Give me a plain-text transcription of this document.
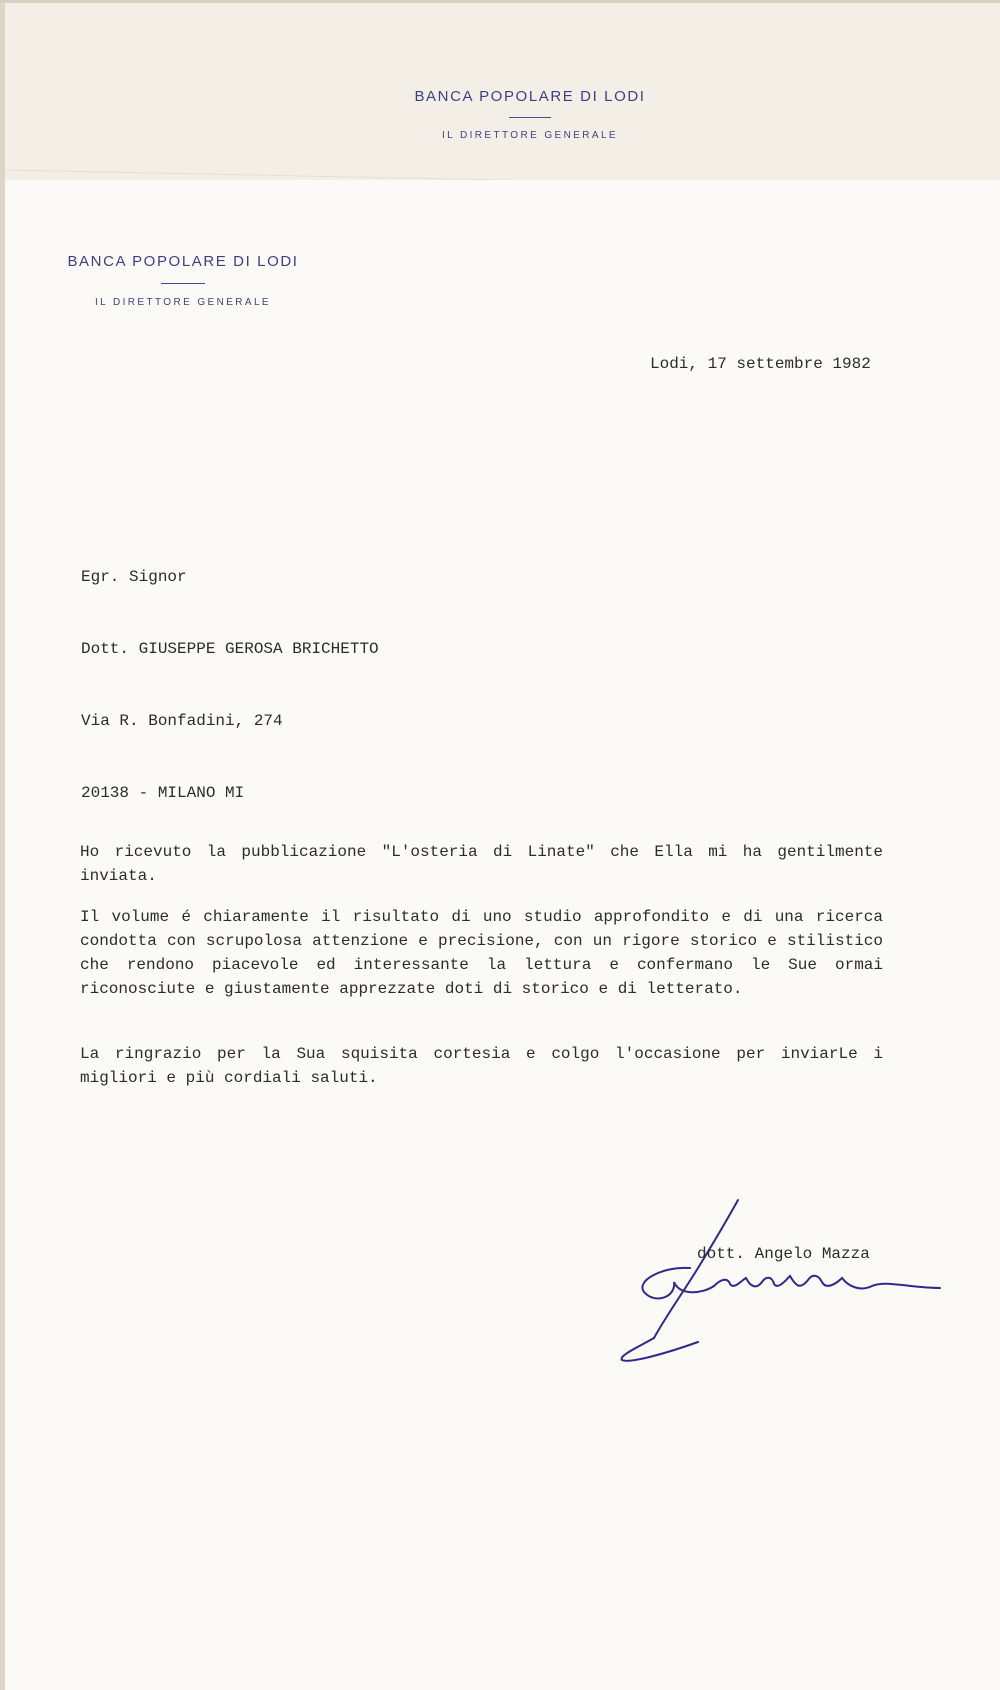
BANCA POPOLARE DI LODI
IL DIRETTORE GENERALE
BANCA POPOLARE DI LODI
IL DIRETTORE GENERALE
Lodi, 17 settembre 1982

Egr. Signor

Dott. GIUSEPPE GEROSA BRICHETTO

Via R. Bonfadini, 274

20138 - MILANO MI

Ho ricevuto la pubblicazione "L'osteria di Linate" che Ella mi ha gentilmente inviata.
Il volume é chiaramente il risultato di uno studio approfondito e di una ricerca condotta con scrupolosa attenzione e precisione, con un rigore storico e stilistico che rendono piacevole ed interessante la lettura e confermano le Sue ormai riconosciute e giustamente apprezzate doti di storico e di letterato.
La ringrazio per la Sua squisita cortesia e colgo l'occasione per inviarLe i migliori e più cordiali saluti.
dott. Angelo Mazza
